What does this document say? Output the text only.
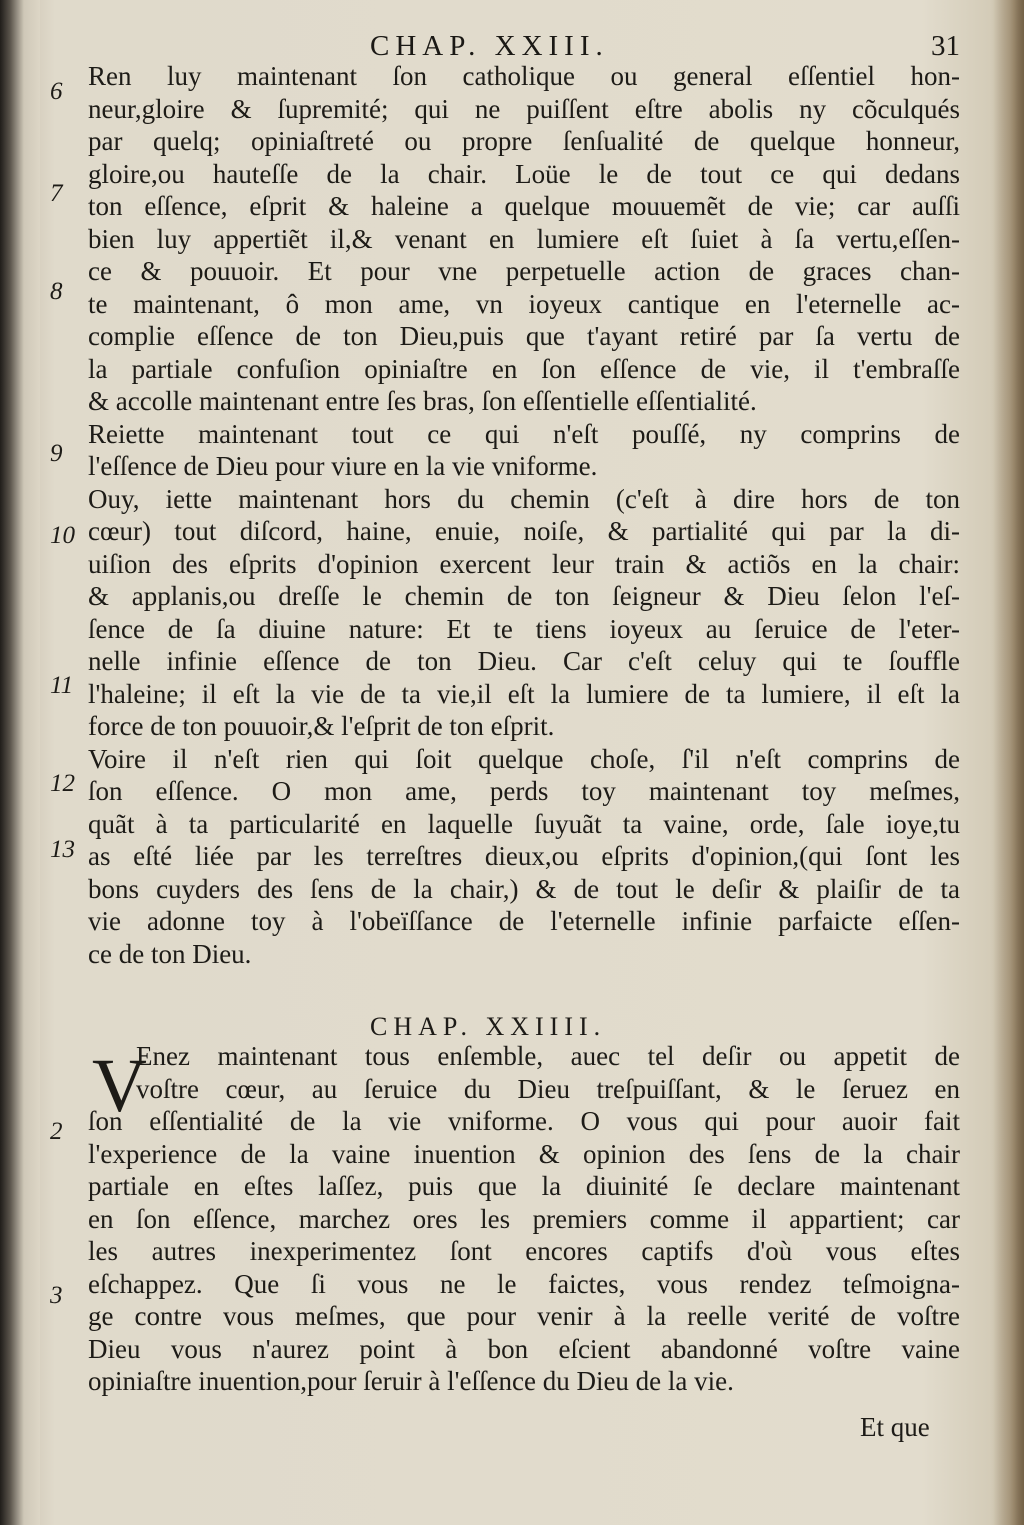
CHAP. XXIII.	31
6
7
8
9
10
11
12
13
2
3
Ren luy maintenant ſon catholique ou general eſſentiel hon-
neur,gloire & ſupremité; qui ne puiſſent eſtre abolis ny cõculqués
par quelq; opiniaſtreté ou propre ſenſualité de quelque honneur,
gloire,ou hauteſſe de la chair. Loüe le de tout ce qui dedans
ton eſſence, eſprit & haleine a quelque mouuemẽt de vie; car auſſi
bien luy appertiẽt il,& venant en lumiere eſt ſuiet à ſa vertu,eſſen-
ce & pouuoir. Et pour vne perpetuelle action de graces chan-
te maintenant, ô mon ame, vn ioyeux cantique en l'eternelle ac-
complie eſſence de ton Dieu,puis que t'ayant retiré par ſa vertu de
la partiale confuſion opiniaſtre en ſon eſſence de vie, il t'embraſſe
& accolle maintenant entre ſes bras, ſon eſſentielle eſſentialité.
Reiette maintenant tout ce qui n'eſt pouſſé, ny comprins de
l'eſſence de Dieu pour viure en la vie vniforme.
Ouy, iette maintenant hors du chemin (c'eſt à dire hors de ton
cœur) tout diſcord, haine, enuie, noiſe, & partialité qui par la di-
uiſion des eſprits d'opinion exercent leur train & actiõs en la chair:
& applanis,ou dreſſe le chemin de ton ſeigneur & Dieu ſelon l'eſ-
ſence de ſa diuine nature: Et te tiens ioyeux au ſeruice de l'eter-
nelle infinie eſſence de ton Dieu. Car c'eſt celuy qui te ſouffle
l'haleine; il eſt la vie de ta vie,il eſt la lumiere de ta lumiere, il eſt la
force de ton pouuoir,& l'eſprit de ton eſprit.
Voire il n'eſt rien qui ſoit quelque choſe, ſ'il n'eſt comprins de
ſon eſſence. O mon ame, perds toy maintenant toy meſmes,
quãt à ta particularité en laquelle ſuyuãt ta vaine, orde, ſale ioye,tu
as eſté liée par les terreſtres dieux,ou eſprits d'opinion,(qui ſont les
bons cuyders des ſens de la chair,) & de tout le deſir & plaiſir de ta
vie adonne toy à l'obeïſſance de l'eternelle infinie parfaicte eſſen-
ce de ton Dieu.
CHAP. XXIIII.
V
Enez maintenant tous enſemble, auec tel deſir ou appetit de
voſtre cœur, au ſeruice du Dieu treſpuiſſant, & le ſeruez en
ſon eſſentialité de la vie vniforme. O vous qui pour auoir fait
l'experience de la vaine inuention & opinion des ſens de la chair
partiale en eſtes laſſez, puis que la diuinité ſe declare maintenant
en ſon eſſence, marchez ores les premiers comme il appartient; car
les autres inexperimentez ſont encores captifs d'où vous eſtes
eſchappez. Que ſi vous ne le faictes, vous rendez teſmoigna-
ge contre vous meſmes, que pour venir à la reelle verité de voſtre
Dieu vous n'aurez point à bon eſcient abandonné voſtre vaine
opiniaſtre inuention,pour ſeruir à l'eſſence du Dieu de la vie.
Et que
